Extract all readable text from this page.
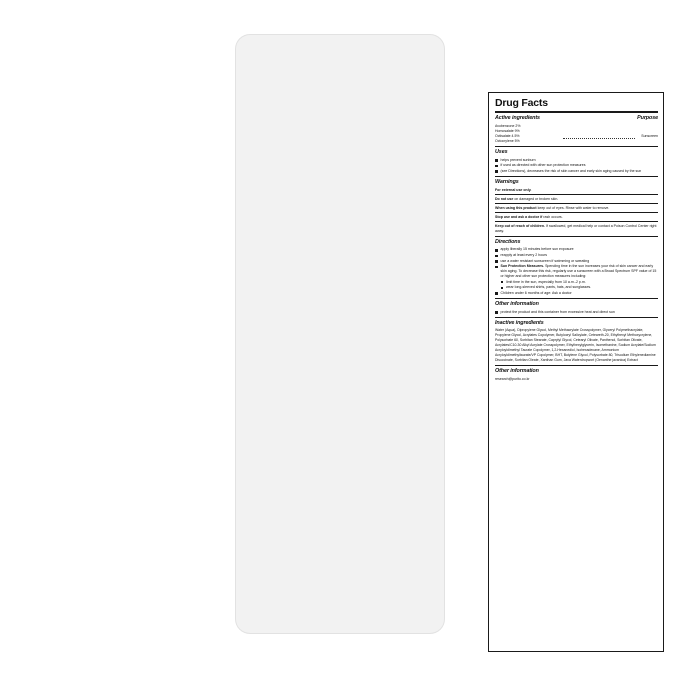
Drug Facts
Active ingredients	Purpose
Avobenzone 2%		
Homosalate 9%		
Octisalate 4.5%		Sunscreen
Octocrylene 5%		
Uses
helps prevent sunburn
if used as directed with other sun protection measures
(see Directions), decreases the risk of skin cancer and early skin aging caused by the sun
Warnings
For external use only.
Do not use on damaged or broken skin.
When using this product keep out of eyes. Rinse with water to remove.
Stop use and ask a doctor if rash occurs.
Keep out of reach of children. If swallowed, get medical help or contact a Poison Control Center right away.
Directions
apply liberally 15 minutes before sun exposure
reapply at least every 2 hours
use a water resistant sunscreen if swimming or sweating
Sun Protection Measures. Spending time in the sun increases your risk of skin cancer and early skin aging. To decrease this risk, regularly use a sunscreen with a Broad Spectrum SPF value of 15 or higher and other sun protection measures including:
limit time in the sun, especially from 10 a.m.-2 p.m.
wear long-sleeved shirts, pants, hats, and sunglasses.
Children under 6 months of age: Ask a doctor
Other information
protect the product and this container from excessive heat and direct sun
Inactive ingredients
Water (Aqua), Dipropylene Glycol, Methyl Methacrylate Crosspolymer, Glyceryl Polymethacrylate, Propylene Glycol, Acrylates Copolymer, Butylocryl Salicylate, Ceteareth-20, Ethylhexyl Methoxycrylene, Polysorbate 60, Sorbitan Stearate, Caprylyl Glycol, Cetearyl Olivate, Panthenol, Sorbitan Olivate, Acrylates/C10-30 Alkyl Acrylate Crosspolymer, Ethylhexylglycerin, Isomethanine, Sodium Acrylate/Sodium Acryloyldimethyl Taurate Copolymer, 1,2-Hexanediol, Isohexadecane, Ammonium Acryloyldimethyltaurate/VP Copolymer, BHT, Butylene Glycol, Polysorbate 80, Trisodium Ethylenediamine Disuccinate, Sorbitan Oleate, Xanthan Gum, Java Waterdropwort (Oenanthe javanica) Extract
Other information
research@purito.co.kr
